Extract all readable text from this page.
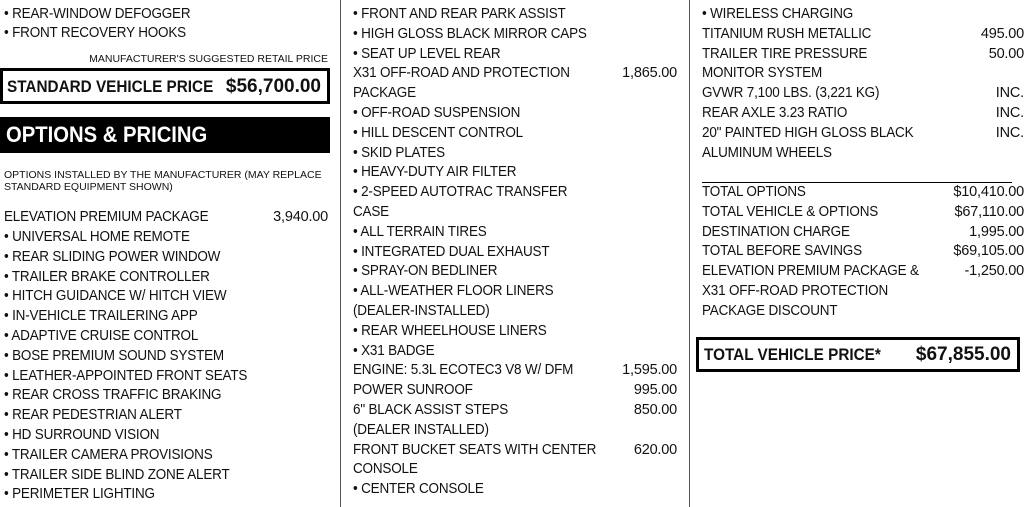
• REAR-WINDOW DEFOGGER
• FRONT RECOVERY HOOKS
MANUFACTURER'S SUGGESTED RETAIL PRICE
STANDARD VEHICLE PRICE $56,700.00
OPTIONS & PRICING
OPTIONS INSTALLED BY THE MANUFACTURER (MAY REPLACE
STANDARD EQUIPMENT SHOWN)
ELEVATION PREMIUM PACKAGE	3,940.00
• UNIVERSAL HOME REMOTE
• REAR SLIDING POWER WINDOW
• TRAILER BRAKE CONTROLLER
• HITCH GUIDANCE W/ HITCH VIEW
• IN-VEHICLE TRAILERING APP
• ADAPTIVE CRUISE CONTROL
• BOSE PREMIUM SOUND SYSTEM
• LEATHER-APPOINTED FRONT SEATS
• REAR CROSS TRAFFIC BRAKING
• REAR PEDESTRIAN ALERT
• HD SURROUND VISION
• TRAILER CAMERA PROVISIONS
• TRAILER SIDE BLIND ZONE ALERT
• PERIMETER LIGHTING
• FRONT AND REAR PARK ASSIST
• HIGH GLOSS BLACK MIRROR CAPS
• SEAT UP LEVEL REAR
X31 OFF-ROAD AND PROTECTION	1,865.00
PACKAGE
• OFF-ROAD SUSPENSION
• HILL DESCENT CONTROL
• SKID PLATES
• HEAVY-DUTY AIR FILTER
• 2-SPEED AUTOTRAC TRANSFER
CASE
• ALL TERRAIN TIRES
• INTEGRATED DUAL EXHAUST
• SPRAY-ON BEDLINER
• ALL-WEATHER FLOOR LINERS
(DEALER-INSTALLED)
• REAR WHEELHOUSE LINERS
• X31 BADGE
ENGINE: 5.3L ECOTEC3 V8 W/ DFM	1,595.00
POWER SUNROOF	995.00
6" BLACK ASSIST STEPS	850.00
(DEALER INSTALLED)
FRONT BUCKET SEATS WITH CENTER	620.00
CONSOLE
• CENTER CONSOLE
• WIRELESS CHARGING
TITANIUM RUSH METALLIC	495.00
TRAILER TIRE PRESSURE	50.00
MONITOR SYSTEM
GVWR 7,100 LBS. (3,221 KG)	INC.
REAR AXLE 3.23 RATIO	INC.
20" PAINTED HIGH GLOSS BLACK	INC.
ALUMINUM WHEELS
TOTAL OPTIONS	$10,410.00
TOTAL VEHICLE & OPTIONS	$67,110.00
DESTINATION CHARGE	1,995.00
TOTAL BEFORE SAVINGS	$69,105.00
ELEVATION PREMIUM PACKAGE &	-1,250.00
X31 OFF-ROAD PROTECTION
PACKAGE DISCOUNT
TOTAL VEHICLE PRICE* $67,855.00
